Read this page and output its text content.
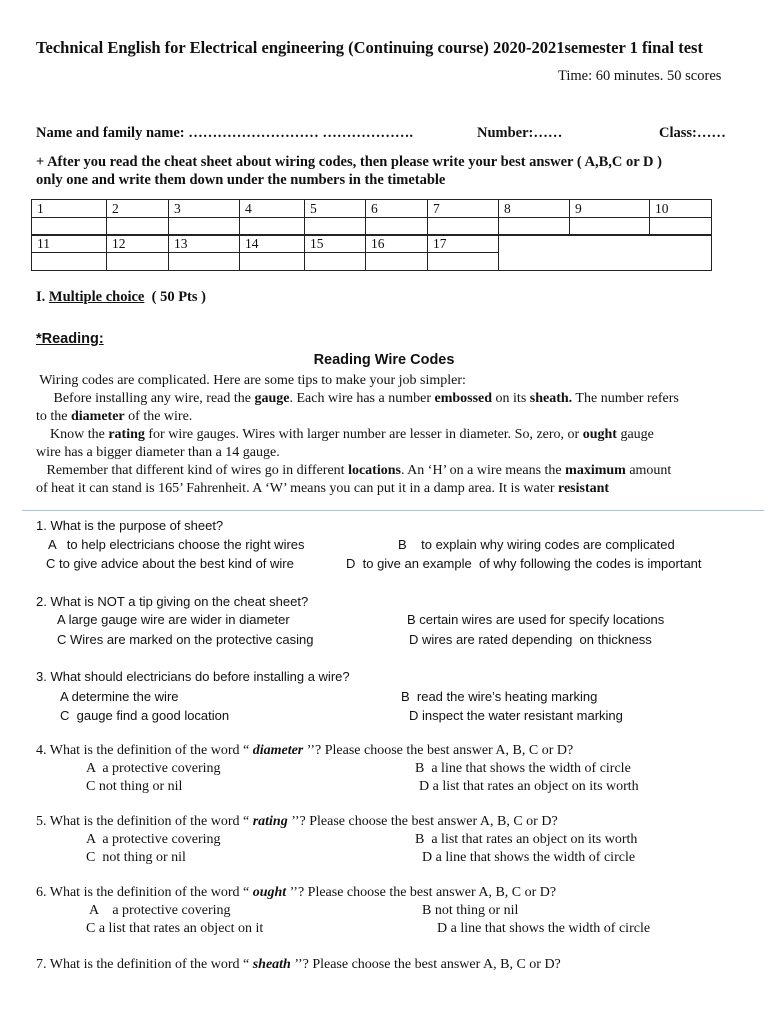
Technical English for Electrical engineering (Continuing course) 2020-2021semester 1 final test
Time: 60 minutes. 50 scores
Name and family name: ……………………… ……………….	Number:……	Class:……
+ After you read the cheat sheet about wiring codes, then please write your best answer ( A,B,C or D )
only one and write them down under the numbers in the timetable
1	2	3	4	5	6	7	8	9	10

11	12	13	14	15	16	17	

I. Multiple choice  ( 50 Pts )
*Reading:
Reading Wire Codes
Wiring codes are complicated. Here are some tips to make your job simpler:
Before installing any wire, read the gauge. Each wire has a number embossed on its sheath. The number refers
to the diameter of the wire.
Know the rating for wire gauges. Wires with larger number are lesser in diameter. So, zero, or ought gauge
wire has a bigger diameter than a 14 gauge.
Remember that different kind of wires go in different locations. An ‘H’ on a wire means the maximum amount
of heat it can stand is 165’ Fahrenheit. A ‘W’ means you can put it in a damp area. It is water resistant
1. What is the purpose of sheet?
A   to help electricians choose the right wires	B    to explain why wiring codes are complicated
C to give advice about the best kind of wire	D  to give an example  of why following the codes is important
2. What is NOT a tip giving on the cheat sheet?
A large gauge wire are wider in diameter	B certain wires are used for specify locations
C Wires are marked on the protective casing	D wires are rated depending  on thickness
3. What should electricians do before installing a wire?
A determine the wire	B  read the wire’s heating marking
C  gauge find a good location	D inspect the water resistant marking
4. What is the definition of the word “ diameter ’’? Please choose the best answer A, B, C or D?
A  a protective covering	B  a line that shows the width of circle
C not thing or nil	D a list that rates an object on its worth
5. What is the definition of the word “ rating ’’? Please choose the best answer A, B, C or D?
A  a protective covering	B  a list that rates an object on its worth
C  not thing or nil	D a line that shows the width of circle
6. What is the definition of the word “ ought ’’? Please choose the best answer A, B, C or D?
A    a protective covering	B not thing or nil
C a list that rates an object on it	D a line that shows the width of circle
7. What is the definition of the word “ sheath ’’? Please choose the best answer A, B, C or D?
